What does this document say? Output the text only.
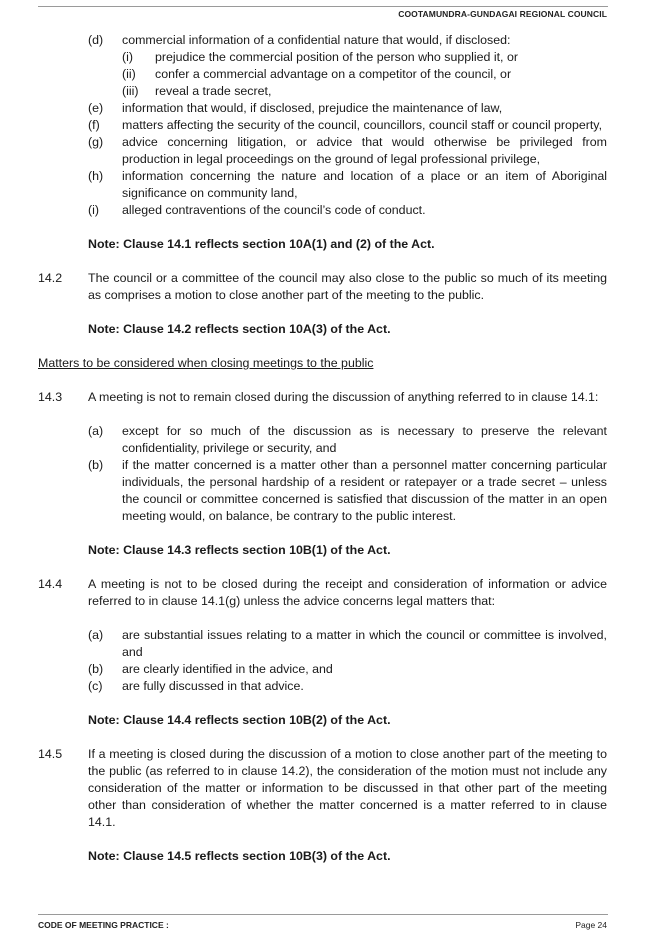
COOTAMUNDRA-GUNDAGAI REGIONAL COUNCIL
(d) commercial information of a confidential nature that would, if disclosed:
(i) prejudice the commercial position of the person who supplied it, or
(ii) confer a commercial advantage on a competitor of the council, or
(iii) reveal a trade secret,
(e) information that would, if disclosed, prejudice the maintenance of law,
(f) matters affecting the security of the council, councillors, council staff or council property,
(g) advice concerning litigation, or advice that would otherwise be privileged from production in legal proceedings on the ground of legal professional privilege,
(h) information concerning the nature and location of a place or an item of Aboriginal significance on community land,
(i) alleged contraventions of the council’s code of conduct.
Note: Clause 14.1 reflects section 10A(1) and (2) of the Act.
14.2 The council or a committee of the council may also close to the public so much of its meeting as comprises a motion to close another part of the meeting to the public.
Note: Clause 14.2 reflects section 10A(3) of the Act.
Matters to be considered when closing meetings to the public
14.3 A meeting is not to remain closed during the discussion of anything referred to in clause 14.1:
(a) except for so much of the discussion as is necessary to preserve the relevant confidentiality, privilege or security, and
(b) if the matter concerned is a matter other than a personnel matter concerning particular individuals, the personal hardship of a resident or ratepayer or a trade secret – unless the council or committee concerned is satisfied that discussion of the matter in an open meeting would, on balance, be contrary to the public interest.
Note: Clause 14.3 reflects section 10B(1) of the Act.
14.4 A meeting is not to be closed during the receipt and consideration of information or advice referred to in clause 14.1(g) unless the advice concerns legal matters that:
(a) are substantial issues relating to a matter in which the council or committee is involved, and
(b) are clearly identified in the advice, and
(c) are fully discussed in that advice.
Note: Clause 14.4 reflects section 10B(2) of the Act.
14.5 If a meeting is closed during the discussion of a motion to close another part of the meeting to the public (as referred to in clause 14.2), the consideration of the motion must not include any consideration of the matter or information to be discussed in that other part of the meeting other than consideration of whether the matter concerned is a matter referred to in clause 14.1.
Note: Clause 14.5 reflects section 10B(3) of the Act.
CODE OF MEETING PRACTICE :	Page 24
